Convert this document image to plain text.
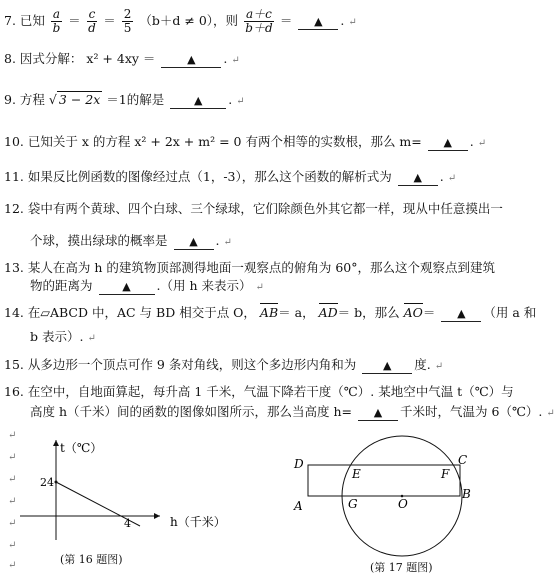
7. 已知 $\frac{a}{b} = \frac{c}{d} = \frac{2}{5} (b+d \ne 0)$，则 $\frac{a+c}{b+d}$ ＝ ▲ . ↵
8. 因式分解： x² + 4xy ＝	▲ . ↵
9. 方程 √ 3 − 2x ＝1的解是	▲ . ↵
10. 已知关于 x 的方程 x² + 2x + m² = 0 有两个相等的实数根，那么 m= ▲ . ↵
11. 如果反比例函数的图像经过点（1，-3），那么这个函数的解析式为 ▲ . ↵
12. 袋中有两个黄球、四个白球、三个绿球，它们除颜色外其它都一样，现从中任意摸出一
个球，摸出绿球的概率是 ▲ . ↵
13. 某人在高为 h 的建筑物顶部测得地面一观察点的俯角为 60°，那么这个观察点到建筑
物的距离为	▲ .（用 h 来表示） ↵
14. 在▱ABCD 中，AC 与 BD 相交于点 O， AB＝ a， AD＝ b，那么 AO＝ ▲ （用 a 和
b 表示）. ↵
15. 从多边形一个顶点可作 9 条对角线，则这个多边形内角和为 ▲ 度. ↵
16. 在空中，自地面算起，每升高 1 千米，气温下降若干度（℃）. 某地空中气温 t（℃）与
高度 h（千米）间的函数的图像如图所示，那么当高度 h= ▲ 千米时，气温为 6（℃）. ↵
↵
↵
↵
↵
↵
↵
↵
t（℃）
h（千米）
24
4
(第 16 题图)
D	C
E	F
A
B
G	O
(第 17 题图)
